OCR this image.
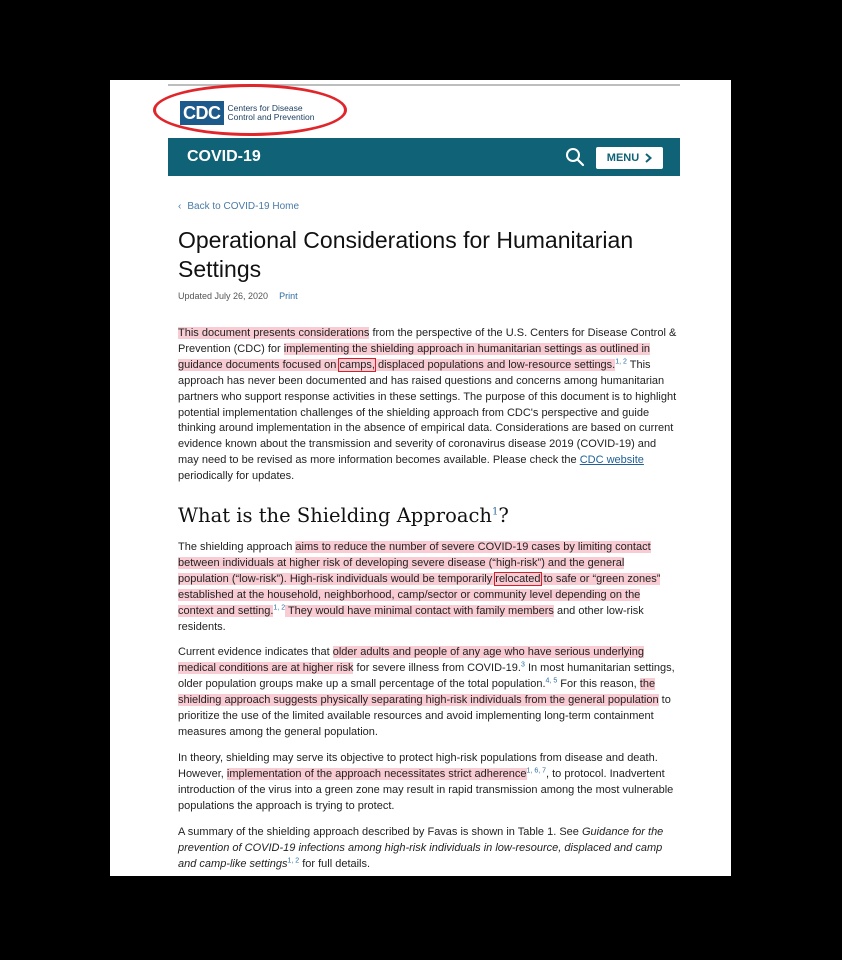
CDC Centers for Disease
Control and Prevention
COVID-19	MENU
‹ Back to COVID-19 Home
Operational Considerations for Humanitarian Settings
Updated July 26, 2020 Print

This document presents considerations from the perspective of the U.S. Centers for Disease Control & Prevention (CDC) for implementing the shielding approach in humanitarian settings as outlined in guidance documents focused on camps, displaced populations and low-resource settings.$^{1, 2}$ This approach has never been documented and has raised questions and concerns among humanitarian partners who support response activities in these settings. The purpose of this document is to highlight potential implementation challenges of the shielding approach from CDC's perspective and guide thinking around implementation in the absence of empirical data. Considerations are based on current evidence known about the transmission and severity of coronavirus disease 2019 (COVID-19) and may need to be revised as more information becomes available. Please check the CDC website periodically for updates.

What is the Shielding Approach$^1$?

The shielding approach aims to reduce the number of severe COVID-19 cases by limiting contact between individuals at higher risk of developing severe disease (“high-risk”) and the general population (“low-risk”). High-risk individuals would be temporarily relocated to safe or “green zones” established at the household, neighborhood, camp/sector or community level depending on the context and setting.$^{1, 2}$ They would have minimal contact with family members and other low-risk residents.

Current evidence indicates that older adults and people of any age who have serious underlying medical conditions are at higher risk for severe illness from COVID-19.$^3$ In most humanitarian settings, older population groups make up a small percentage of the total population.$^{4, 5}$ For this reason, the shielding approach suggests physically separating high-risk individuals from the general population to prioritize the use of the limited available resources and avoid implementing long-term containment measures among the general population.

In theory, shielding may serve its objective to protect high-risk populations from disease and death. However, implementation of the approach necessitates strict adherence$^{1, 6, 7}$, to protocol. Inadvertent introduction of the virus into a green zone may result in rapid transmission among the most vulnerable populations the approach is trying to protect.

A summary of the shielding approach described by Favas is shown in Table 1. See Guidance for the prevention of COVID-19 infections among high-risk individuals in low-resource, displaced and camp and camp-like settings$^{1, 2}$ for full details.
